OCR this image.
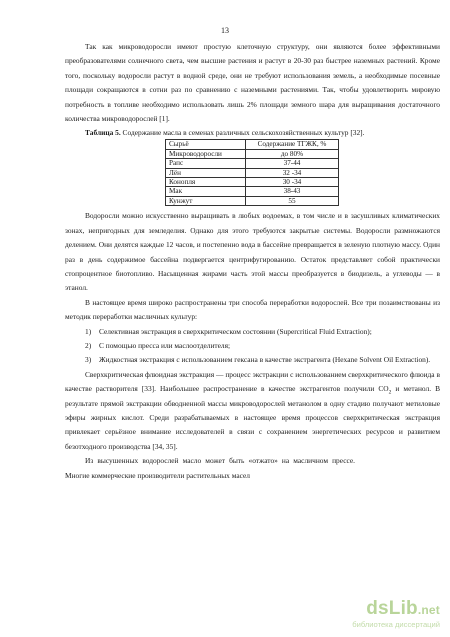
13

Так как микроводоросли имеют простую клеточную структуру, они являются более эффективными преобразователями солнечного света, чем высшие растения и растут в 20-30 раз быстрее наземных растений. Кроме того, поскольку водоросли растут в водной среде, они не требуют использования земель, а необходимые посевные площади сокращаются в сотни раз по сравнению с наземными растениями. Так, чтобы удовлетворить мировую потребность в топливе необходимо использовать лишь 2% площади земного шара для выращивания достаточного количества микроводорослей [1].

Таблица 5. Содержание масла в семенах различных сельскохозяйственных культур [32].

Сырьё	Содержание ТГЖК, %
Микроводоросли	до 80%
Рапс	37-44
Лён	32 -34
Конопля	30 -34
Мак	38-43
Кунжут	55

Водоросли можно искусственно выращивать в любых водоемах, в том числе и в засушливых климатических зонах, непригодных для земледелия. Однако для этого требуются закрытые системы. Водоросли размножаются делением. Они делятся каждые 12 часов, и постепенно вода в бассейне превращается в зеленую плотную массу. Один раз в день содержимое бассейна подвергается центрифугированию. Остаток представляет собой практически стопроцентное биотопливо. Насыщенная жирами часть этой массы преобразуется в биодизель, а углеводы — в этанол.

В настоящее время широко распространены три способа переработки водорослей. Все три позаимствованы из методик переработки масличных культур:

1) Селективная экстракция в сверхкритическом состоянии (Supercritical Fluid Extraction);

2) С помощью пресса или маслоотделителя;

3) Жидкостная экстракция с использованием гексана в качестве экстрагента (Hexane Solvent Oil Extraction).

Сверхкритическая флюидная экстракция — процесс экстракции с использованием сверхкритического флюида в качестве растворителя [33]. Наибольшее распространение в качестве экстрагентов получили $CO_2$ и метанол. В результате прямой экстракции обводненной массы микроводорослей метанолом в одну стадию получают метиловые эфиры жирных кислот. Среди разрабатываемых в настоящее время процессов сверхкритическая экстракция привлекает серьёзное внимание исследователей в связи с сохранением энергетических ресурсов и развитием безотходного производства [34, 35].

Из высушенных водорослей масло может быть «отжато» на масличном прессе. Многие коммерческие производители растительных масел

dsLib.net
библиотека диссертаций
